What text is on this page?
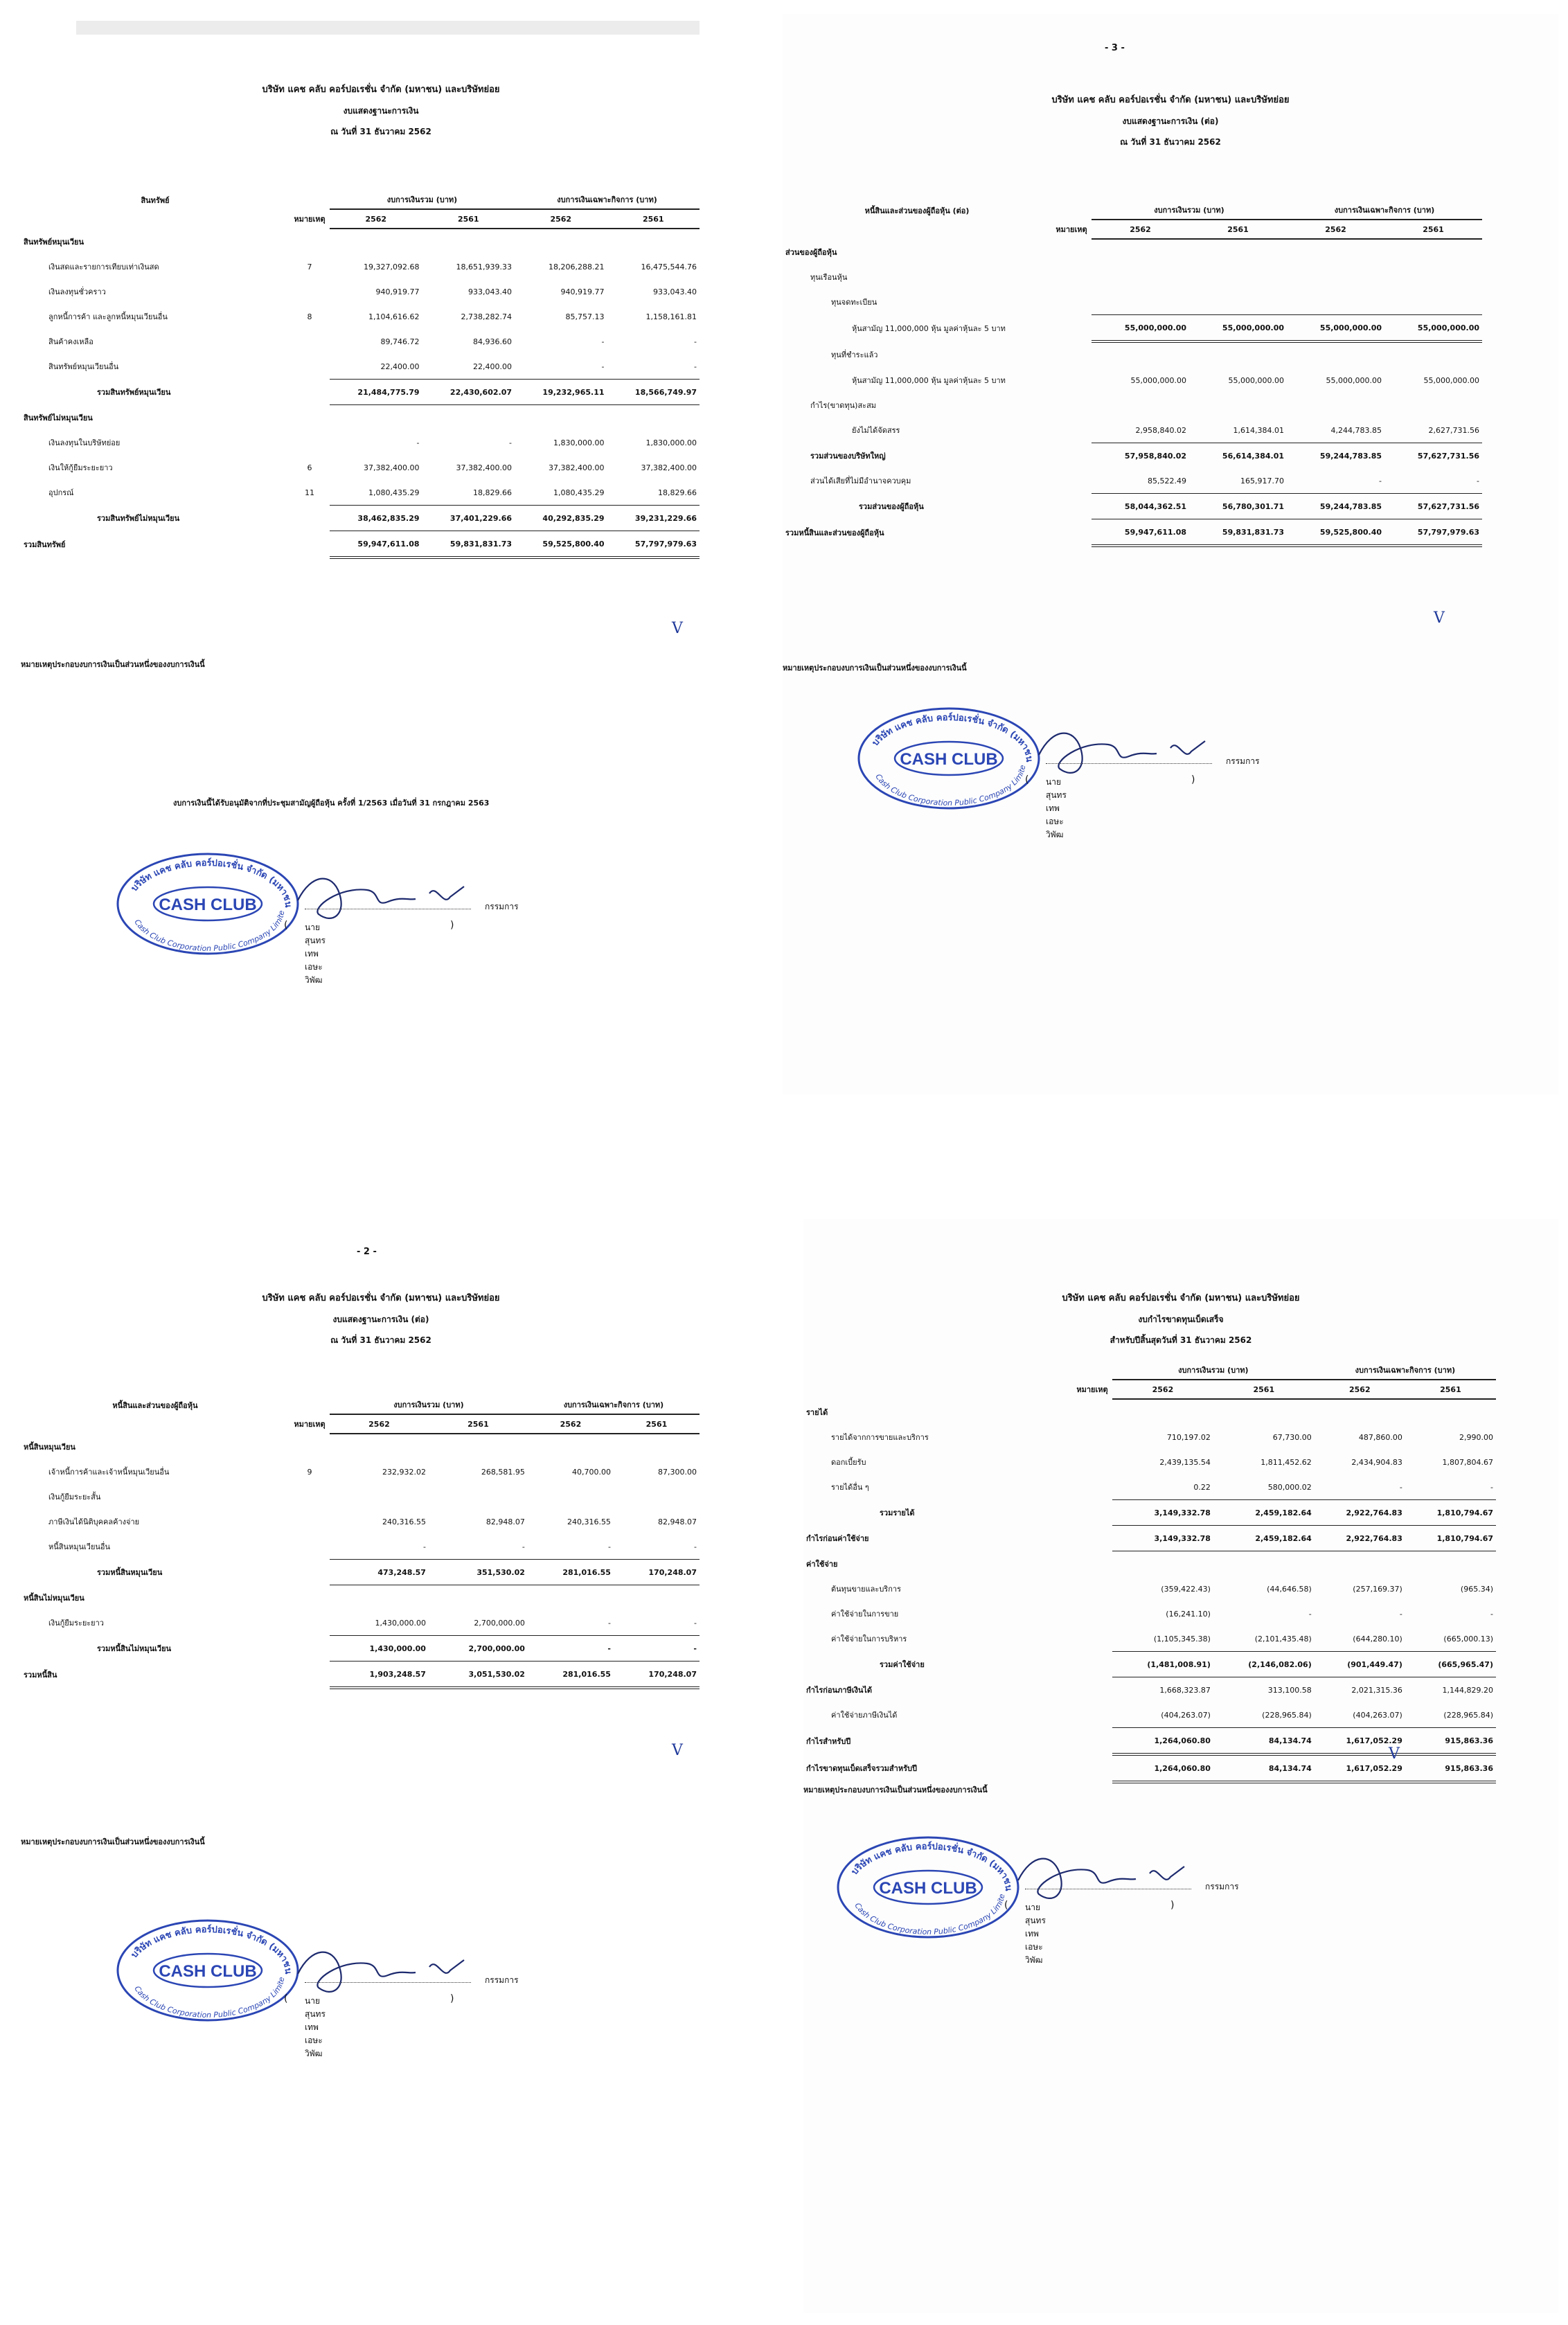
บริษัท แคช คลับ คอร์ปอเรชั่น จำกัด (มหาชน) และบริษัทย่อย
งบแสดงฐานะการเงิน
ณ วันที่ 31 ธันวาคม 2562
สินทรัพย์		งบการเงินรวม (บาท)		งบการเงินเฉพาะกิจการ (บาท)	
	หมายเหตุ	2562	2561	2562	2561
สินทรัพย์หมุนเวียน					
เงินสดและรายการเทียบเท่าเงินสด	7	19,327,092.68	18,651,939.33	18,206,288.21	16,475,544.76
เงินลงทุนชั่วคราว		940,919.77	933,043.40	940,919.77	933,043.40
ลูกหนี้การค้า และลูกหนี้หมุนเวียนอื่น	8	1,104,616.62	2,738,282.74	85,757.13	1,158,161.81
สินค้าคงเหลือ		89,746.72	84,936.60	-	-
สินทรัพย์หมุนเวียนอื่น		22,400.00	22,400.00	-	-
รวมสินทรัพย์หมุนเวียน		21,484,775.79	22,430,602.07	19,232,965.11	18,566,749.97
สินทรัพย์ไม่หมุนเวียน					
เงินลงทุนในบริษัทย่อย		-	-	1,830,000.00	1,830,000.00
เงินให้กู้ยืมระยะยาว	6	37,382,400.00	37,382,400.00	37,382,400.00	37,382,400.00
อุปกรณ์	11	1,080,435.29	18,829.66	1,080,435.29	18,829.66
รวมสินทรัพย์ไม่หมุนเวียน		38,462,835.29	37,401,229.66	40,292,835.29	39,231,229.66
รวมสินทรัพย์		59,947,611.08	59,831,831.73	59,525,800.40	57,797,979.63
V
หมายเหตุประกอบงบการเงินเป็นส่วนหนึ่งของงบการเงินนี้
งบการเงินนี้ได้รับอนุมัติจากที่ประชุมสามัญผู้ถือหุ้น ครั้งที่ 1/2563 เมื่อวันที่ 31 กรกฎาคม 2563
บริษัท แคช คลับ คอร์ปอเรชั่น จำกัด (มหาชน
Cash Club Corporation Public Company Limite
CASH CLUB	กรรมการ
( นายสุนทรเทพ เอษะวิพัฒ
)
- 3 -
บริษัท แคช คลับ คอร์ปอเรชั่น จำกัด (มหาชน) และบริษัทย่อย
งบแสดงฐานะการเงิน (ต่อ)
ณ วันที่ 31 ธันวาคม 2562
หนี้สินและส่วนของผู้ถือหุ้น (ต่อ)		งบการเงินรวม (บาท)		งบการเงินเฉพาะกิจการ (บาท)	
	หมายเหตุ	2562	2561	2562	2561
ส่วนของผู้ถือหุ้น					
ทุนเรือนหุ้น					
ทุนจดทะเบียน					
หุ้นสามัญ 11,000,000 หุ้น มูลค่าหุ้นละ 5 บาท		55,000,000.00	55,000,000.00	55,000,000.00	55,000,000.00
ทุนที่ชำระแล้ว					
หุ้นสามัญ 11,000,000 หุ้น มูลค่าหุ้นละ 5 บาท		55,000,000.00	55,000,000.00	55,000,000.00	55,000,000.00
กำไร(ขาดทุน)สะสม					
ยังไม่ได้จัดสรร		2,958,840.02	1,614,384.01	4,244,783.85	2,627,731.56
รวมส่วนของบริษัทใหญ่		57,958,840.02	56,614,384.01	59,244,783.85	57,627,731.56
ส่วนได้เสียที่ไม่มีอำนาจควบคุม		85,522.49	165,917.70	-	-
รวมส่วนของผู้ถือหุ้น		58,044,362.51	56,780,301.71	59,244,783.85	57,627,731.56
รวมหนี้สินและส่วนของผู้ถือหุ้น		59,947,611.08	59,831,831.73	59,525,800.40	57,797,979.63
V
หมายเหตุประกอบงบการเงินเป็นส่วนหนึ่งของงบการเงินนี้
บริษัท แคช คลับ คอร์ปอเรชั่น จำกัด (มหาชน
Cash Club Corporation Public Company Limite
CASH CLUB	กรรมการ
( นายสุนทรเทพ เอษะวิพัฒ
)
- 2 -
บริษัท แคช คลับ คอร์ปอเรชั่น จำกัด (มหาชน) และบริษัทย่อย
งบแสดงฐานะการเงิน (ต่อ)
ณ วันที่ 31 ธันวาคม 2562
หนี้สินและส่วนของผู้ถือหุ้น		งบการเงินรวม (บาท)		งบการเงินเฉพาะกิจการ (บาท)	
	หมายเหตุ	2562	2561	2562	2561
หนี้สินหมุนเวียน					
เจ้าหนี้การค้าและเจ้าหนี้หมุนเวียนอื่น	9	232,932.02	268,581.95	40,700.00	87,300.00
เงินกู้ยืมระยะสั้น					
ภาษีเงินได้นิติบุคคลค้างจ่าย		240,316.55	82,948.07	240,316.55	82,948.07
หนี้สินหมุนเวียนอื่น		-	-	-	-
รวมหนี้สินหมุนเวียน		473,248.57	351,530.02	281,016.55	170,248.07
หนี้สินไม่หมุนเวียน					
เงินกู้ยืมระยะยาว		1,430,000.00	2,700,000.00	-	-
รวมหนี้สินไม่หมุนเวียน		1,430,000.00	2,700,000.00	-	-
รวมหนี้สิน		1,903,248.57	3,051,530.02	281,016.55	170,248.07
V
หมายเหตุประกอบงบการเงินเป็นส่วนหนึ่งของงบการเงินนี้
บริษัท แคช คลับ คอร์ปอเรชั่น จำกัด (มหาชน
Cash Club Corporation Public Company Limite
CASH CLUB	กรรมการ
( นายสุนทรเทพ เอษะวิพัฒ
)
บริษัท แคช คลับ คอร์ปอเรชั่น จำกัด (มหาชน) และบริษัทย่อย
งบกำไรขาดทุนเบ็ดเสร็จ
สำหรับปีสิ้นสุดวันที่ 31 ธันวาคม 2562
		งบการเงินรวม (บาท)		งบการเงินเฉพาะกิจการ (บาท)	
	หมายเหตุ	2562	2561	2562	2561
รายได้					
รายได้จากการขายและบริการ		710,197.02	67,730.00	487,860.00	2,990.00
ดอกเบี้ยรับ		2,439,135.54	1,811,452.62	2,434,904.83	1,807,804.67
รายได้อื่น ๆ		0.22	580,000.02	-	-
รวมรายได้		3,149,332.78	2,459,182.64	2,922,764.83	1,810,794.67
กำไรก่อนค่าใช้จ่าย		3,149,332.78	2,459,182.64	2,922,764.83	1,810,794.67
ค่าใช้จ่าย					
ต้นทุนขายและบริการ		(359,422.43)	(44,646.58)	(257,169.37)	(965.34)
ค่าใช้จ่ายในการขาย		(16,241.10)	-	-	-
ค่าใช้จ่ายในการบริหาร		(1,105,345.38)	(2,101,435.48)	(644,280.10)	(665,000.13)
รวมค่าใช้จ่าย		(1,481,008.91)	(2,146,082.06)	(901,449.47)	(665,965.47)
กำไรก่อนภาษีเงินได้		1,668,323.87	313,100.58	2,021,315.36	1,144,829.20
ค่าใช้จ่ายภาษีเงินได้		(404,263.07)	(228,965.84)	(404,263.07)	(228,965.84)
กำไรสำหรับปี		1,264,060.80	84,134.74	1,617,052.29	915,863.36
กำไรขาดทุนเบ็ดเสร็จรวมสำหรับปี		1,264,060.80	84,134.74	1,617,052.29	915,863.36
V
หมายเหตุประกอบงบการเงินเป็นส่วนหนึ่งของงบการเงินนี้
บริษัท แคช คลับ คอร์ปอเรชั่น จำกัด (มหาชน
Cash Club Corporation Public Company Limite
CASH CLUB	กรรมการ
( นายสุนทรเทพ เอษะวิพัฒ
)
